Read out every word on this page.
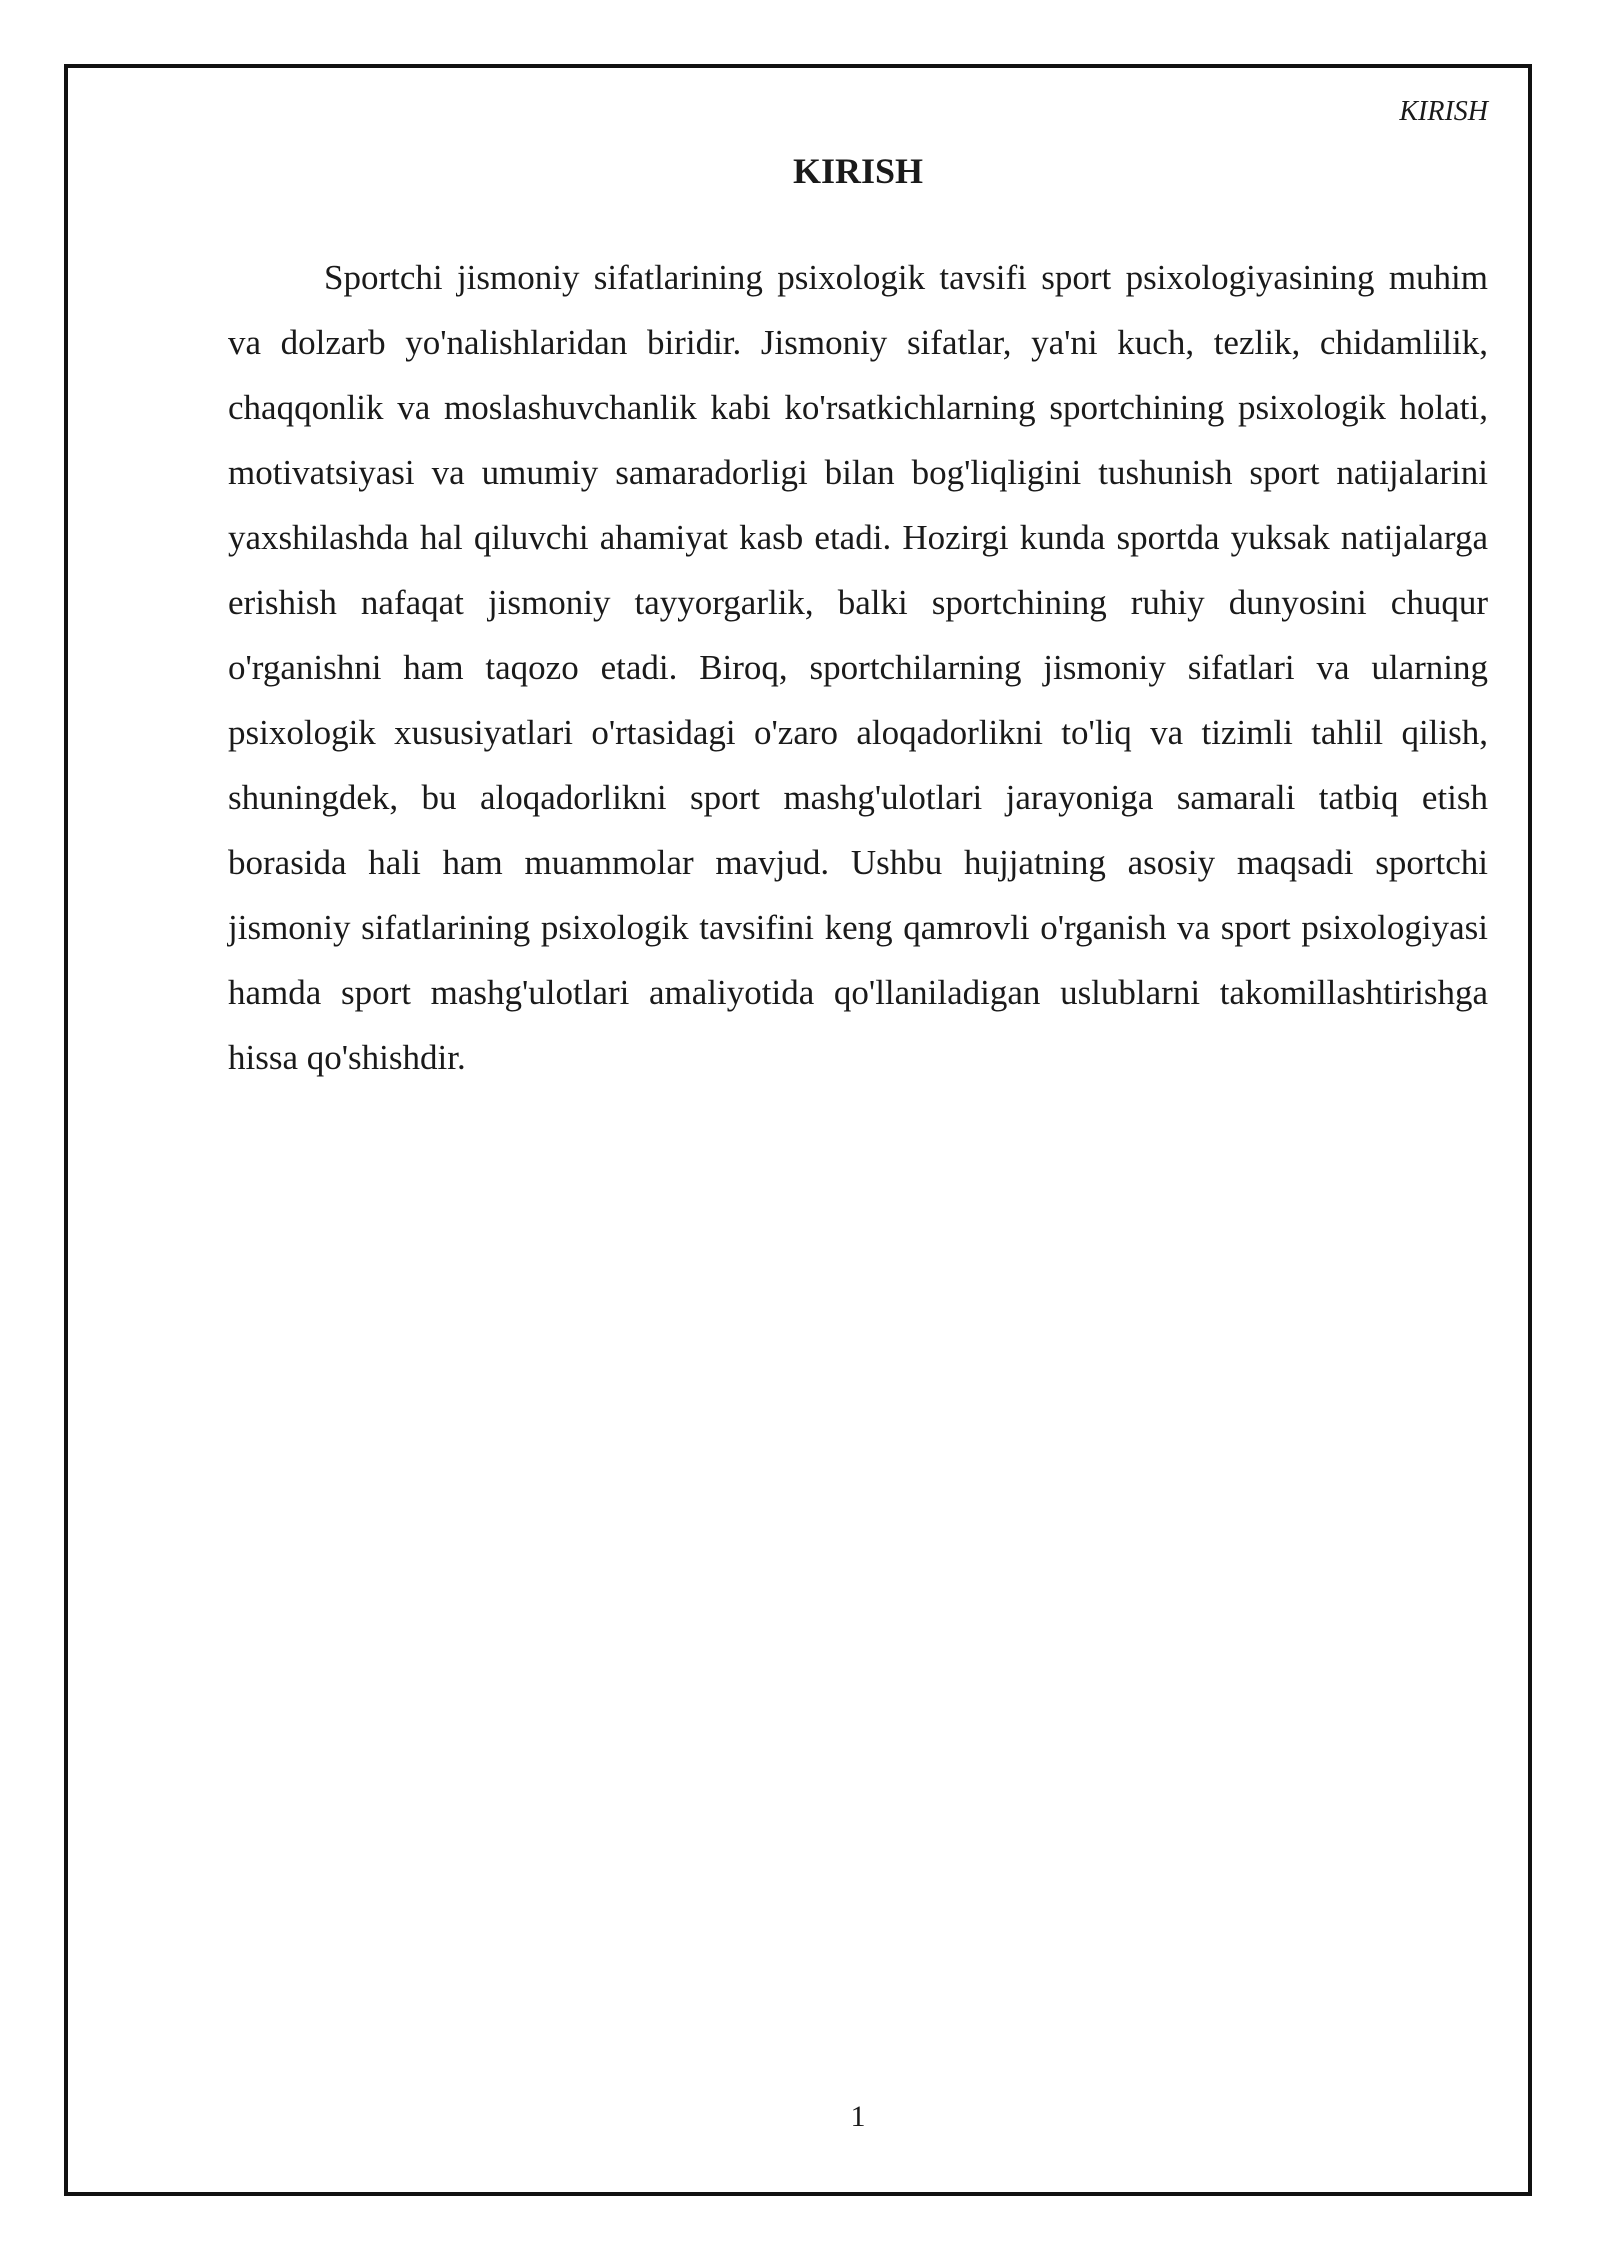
KIRISH
KIRISH

Sportchi jismoniy sifatlarining psixologik tavsifi sport psixologiyasining muhim va dolzarb yo'nalishlaridan biridir. Jismoniy sifatlar, ya'ni kuch, tezlik, chidamlilik, chaqqonlik va moslashuvchanlik kabi ko'rsatkichlarning sportchining psixologik holati, motivatsiyasi va umumiy samaradorligi bilan bog'liqligini tushunish sport natijalarini yaxshilashda hal qiluvchi ahamiyat kasb etadi. Hozirgi kunda sportda yuksak natijalarga erishish nafaqat jismoniy tayyorgarlik, balki sportchining ruhiy dunyosini chuqur o'rganishni ham taqozo etadi. Biroq, sportchilarning jismoniy sifatlari va ularning psixologik xususiyatlari o'rtasidagi o'zaro aloqadorlikni to'liq va tizimli tahlil qilish, shuningdek, bu aloqadorlikni sport mashg'ulotlari jarayoniga samarali tatbiq etish borasida hali ham muammolar mavjud. Ushbu hujjatning asosiy maqsadi sportchi jismoniy sifatlarining psixologik tavsifini keng qamrovli o'rganish va sport psixologiyasi hamda sport mashg'ulotlari amaliyotida qo'llaniladigan uslublarni takomillashtirishga hissa qo'shishdir.

1
